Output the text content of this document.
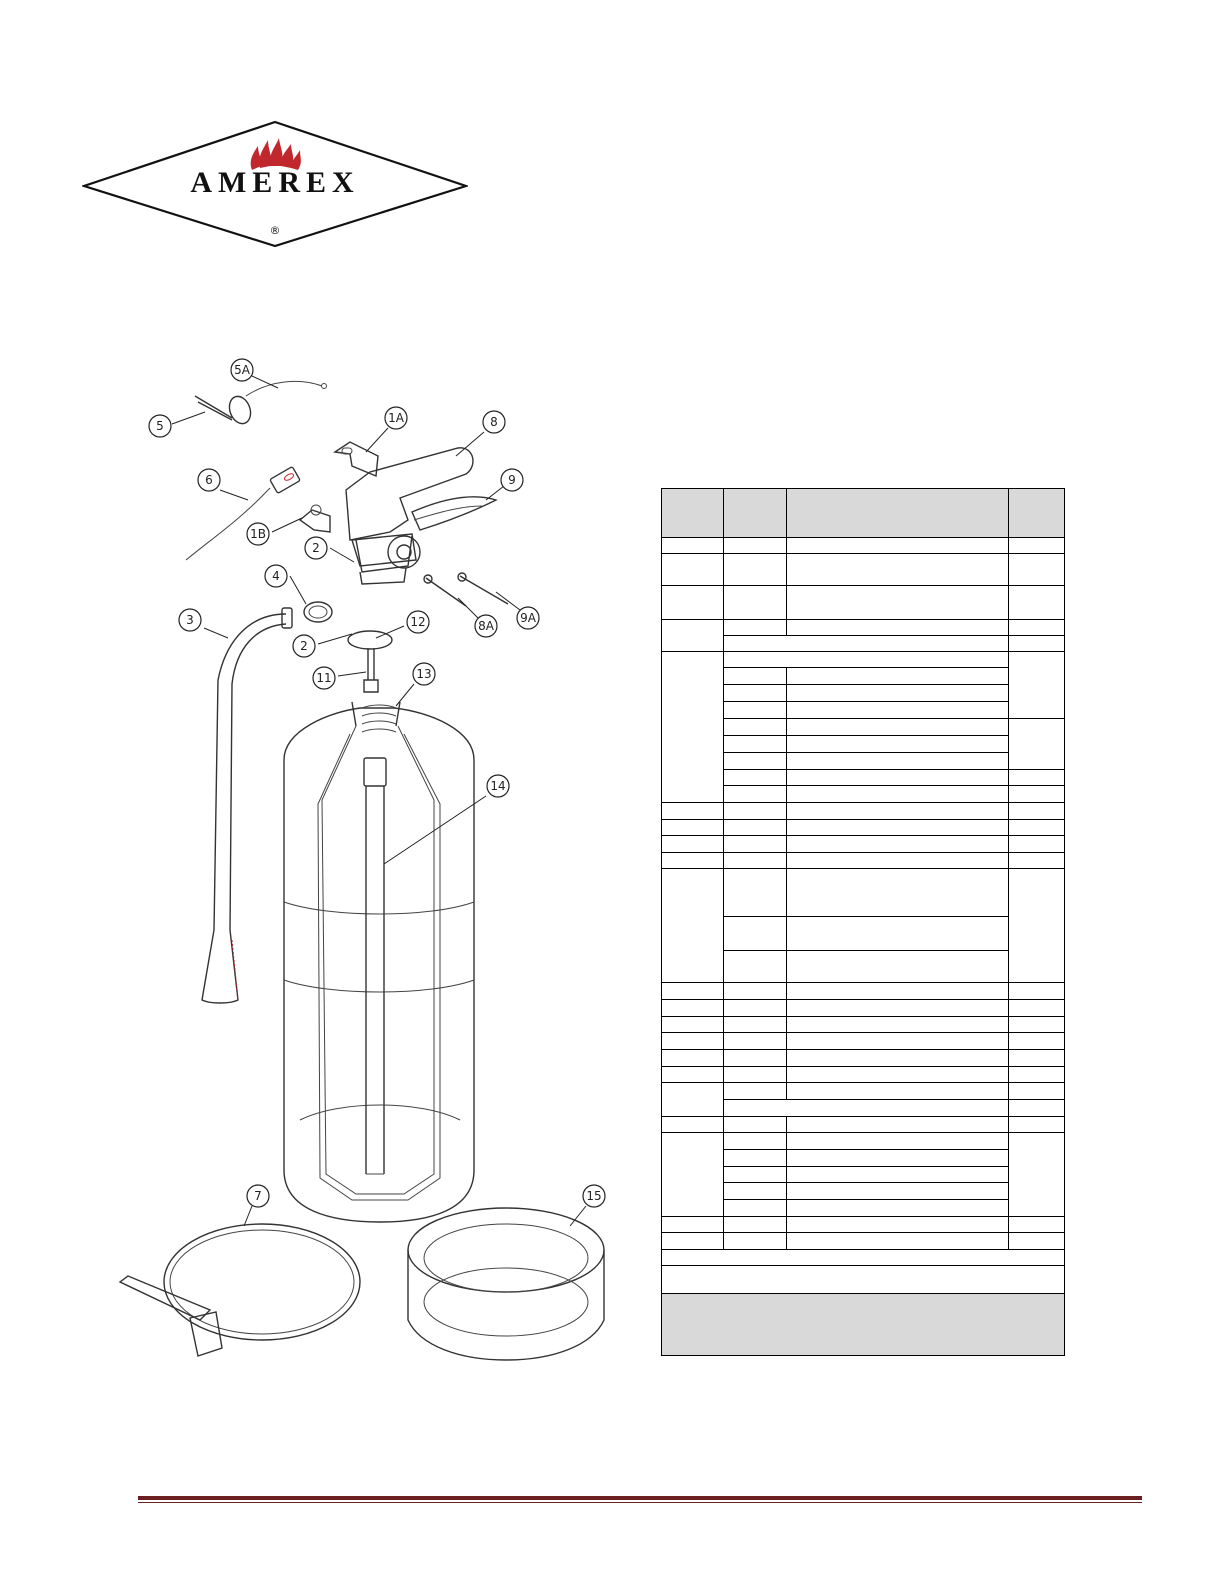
AMEREX
®
5A
5
1A	8
6	9
1B
2
4
8A
9A
3
2
12
11	13
14
7	15
